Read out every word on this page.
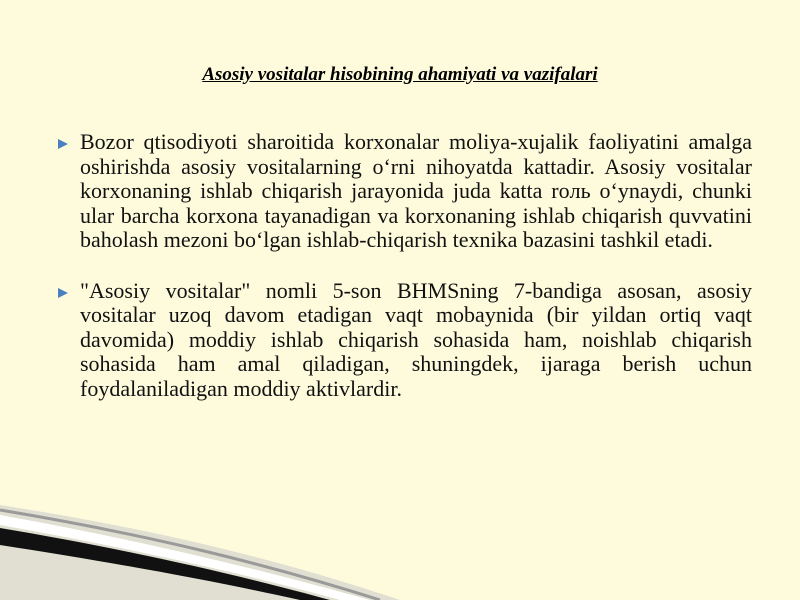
Asosiy vositalar hisobining ahamiyati va vazifalari
Bozor qtisodiyoti sharoitida korxonalar moliya-xujalik faoliyatini amalga oshirishda asosiy vositalarning o‘rni nihoyatda kattadir. Asosiy vositalar korxonaning ishlab chiqarish jarayonida juda katta roль o‘ynaydi, chunki ular barcha korxona tayanadigan va korxonaning ishlab chiqarish quvvatini baholash mezoni bo‘lgan ishlab-chiqarish texnika bazasini tashkil etadi.
"Asosiy vositalar" nomli 5-son BHMSning 7-bandiga asosan, asosiy vositalar uzoq davom etadigan vaqt mobaynida (bir yildan ortiq vaqt davomida) moddiy ishlab chiqarish sohasida ham, noishlab chiqarish sohasida ham amal qiladigan, shuningdek, ijaraga berish uchun foydalaniladigan moddiy aktivlardir.
